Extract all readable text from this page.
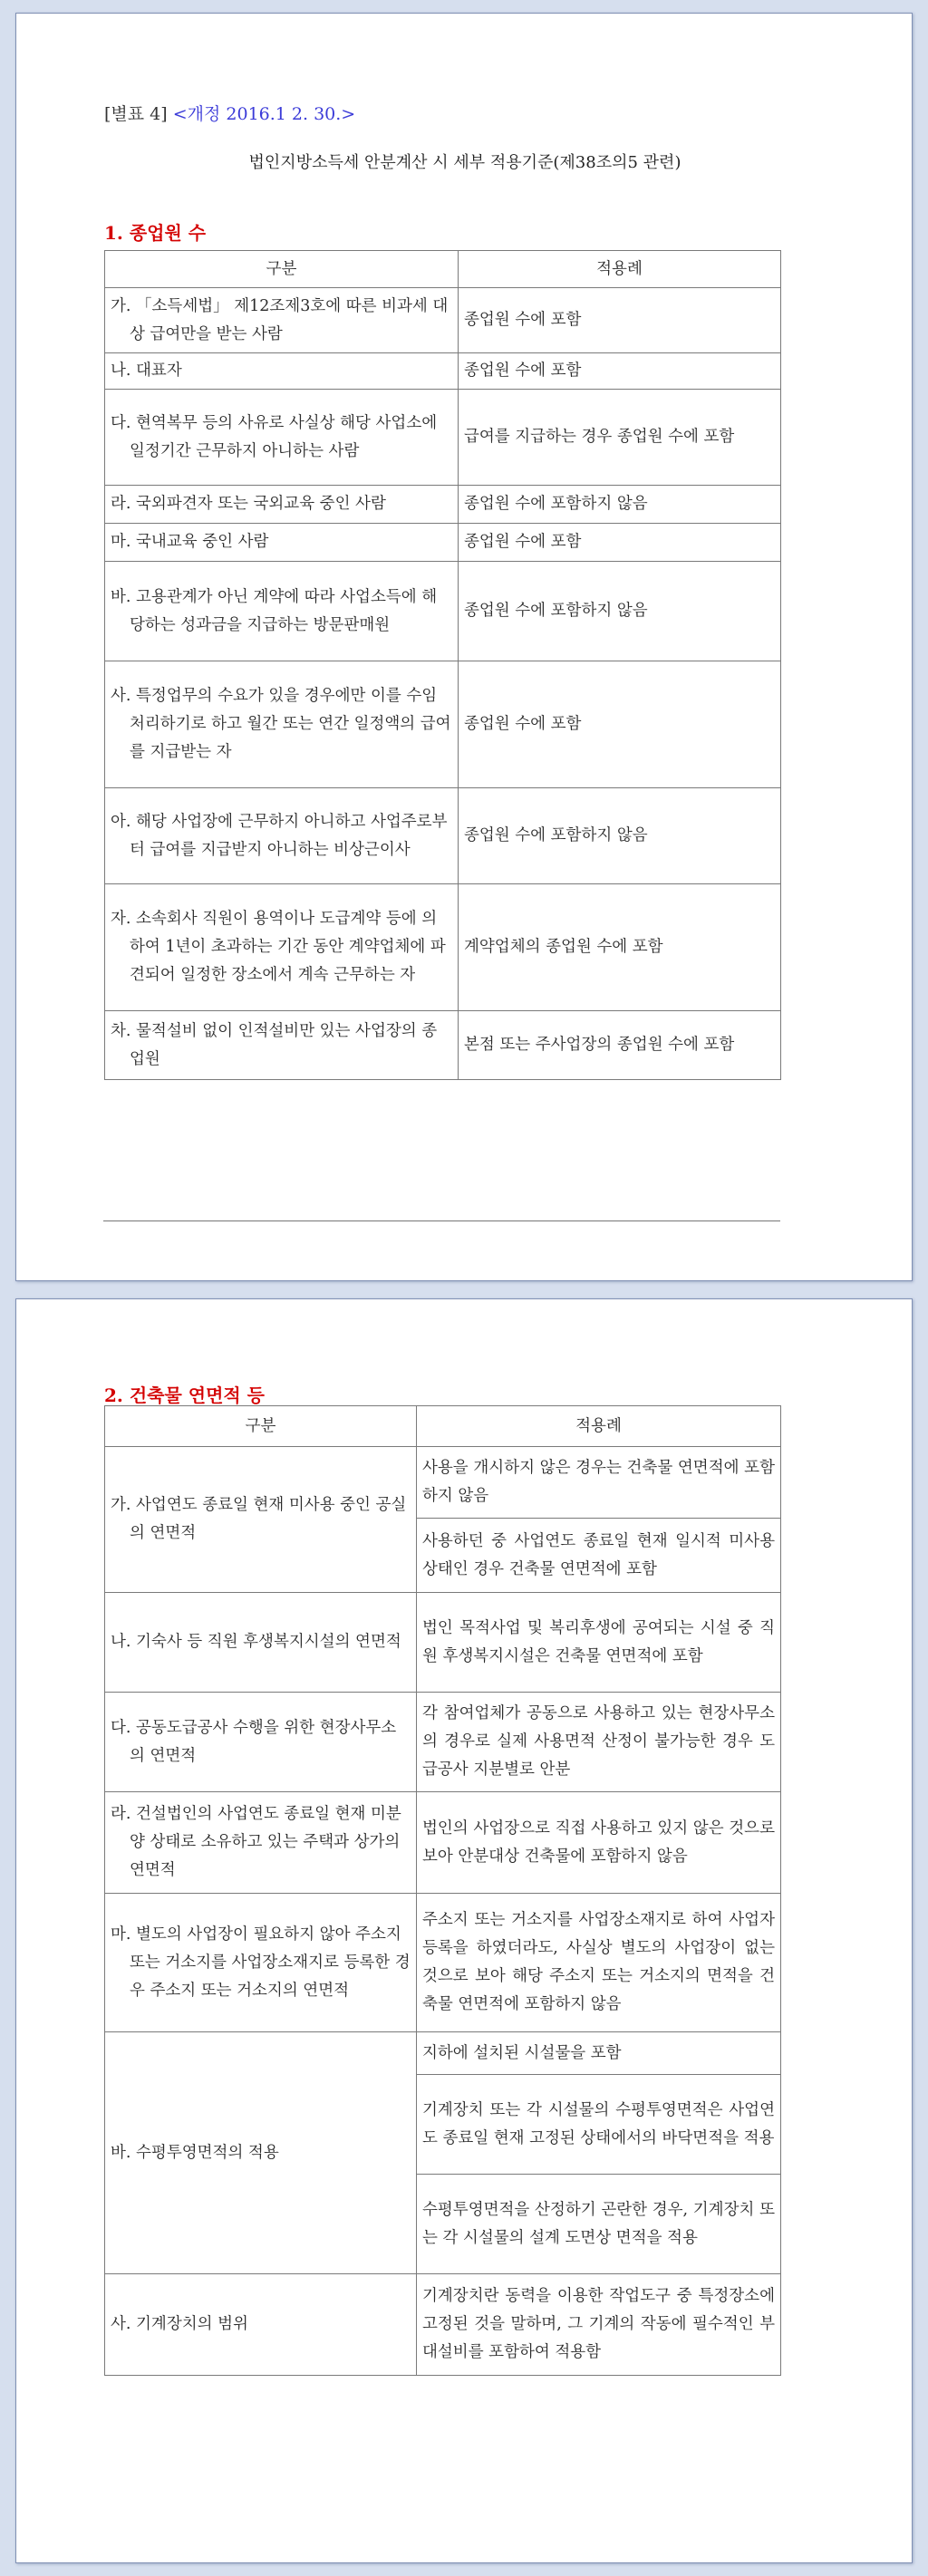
[별표 4] <개정 2016.1 2. 30.>
법인지방소득세 안분계산 시 세부 적용기준(제38조의5 관련)
1. 종업원 수
구분	적용례
가. 「소득세법」 제12조제3호에 따른 비과세 대상 급여만을 받는 사람	종업원 수에 포함
나. 대표자	종업원 수에 포함
다. 현역복무 등의 사유로 사실상 해당 사업소에 일정기간 근무하지 아니하는 사람	급여를 지급하는 경우 종업원 수에 포함
라. 국외파견자 또는 국외교육 중인 사람	종업원 수에 포함하지 않음
마. 국내교육 중인 사람	종업원 수에 포함
바. 고용관계가 아닌 계약에 따라 사업소득에 해당하는 성과금을 지급하는 방문판매원	종업원 수에 포함하지 않음
사. 특정업무의 수요가 있을 경우에만 이를 수임 처리하기로 하고 월간 또는 연간 일정액의 급여를 지급받는 자	종업원 수에 포함
아. 해당 사업장에 근무하지 아니하고 사업주로부터 급여를 지급받지 아니하는 비상근이사	종업원 수에 포함하지 않음
자. 소속회사 직원이 용역이나 도급계약 등에 의하여 1년이 초과하는 기간 동안 계약업체에 파견되어 일정한 장소에서 계속 근무하는 자	계약업체의 종업원 수에 포함
차. 물적설비 없이 인적설비만 있는 사업장의 종업원	본점 또는 주사업장의 종업원 수에 포함
2. 건축물 연면적 등
구분	적용례
가. 사업연도 종료일 현재 미사용 중인 공실의 연면적	사용을 개시하지 않은 경우는 건축물 연면적에 포함하지 않음
	사용하던 중 사업연도 종료일 현재 일시적 미사용 상태인 경우 건축물 연면적에 포함
나. 기숙사 등 직원 후생복지시설의 연면적	법인 목적사업 및 복리후생에 공여되는 시설 중 직원 후생복지시설은 건축물 연면적에 포함
다. 공동도급공사 수행을 위한 현장사무소의 연면적	각 참여업체가 공동으로 사용하고 있는 현장사무소의 경우로 실제 사용면적 산정이 불가능한 경우 도급공사 지분별로 안분
라. 건설법인의 사업연도 종료일 현재 미분양 상태로 소유하고 있는 주택과 상가의 연면적	법인의 사업장으로 직접 사용하고 있지 않은 것으로 보아 안분대상 건축물에 포함하지 않음
마. 별도의 사업장이 필요하지 않아 주소지 또는 거소지를 사업장소재지로 등록한 경우 주소지 또는 거소지의 연면적	주소지 또는 거소지를 사업장소재지로 하여 사업자등록을 하였더라도, 사실상 별도의 사업장이 없는 것으로 보아 해당 주소지 또는 거소지의 면적을 건축물 연면적에 포함하지 않음
바. 수평투영면적의 적용	지하에 설치된 시설물을 포함
	기계장치 또는 각 시설물의 수평투영면적은 사업연도 종료일 현재 고정된 상태에서의 바닥면적을 적용
	수평투영면적을 산정하기 곤란한 경우, 기계장치 또는 각 시설물의 설계 도면상 면적을 적용
사. 기계장치의 범위	기계장치란 동력을 이용한 작업도구 중 특정장소에 고정된 것을 말하며, 그 기계의 작동에 필수적인 부대설비를 포함하여 적용함
